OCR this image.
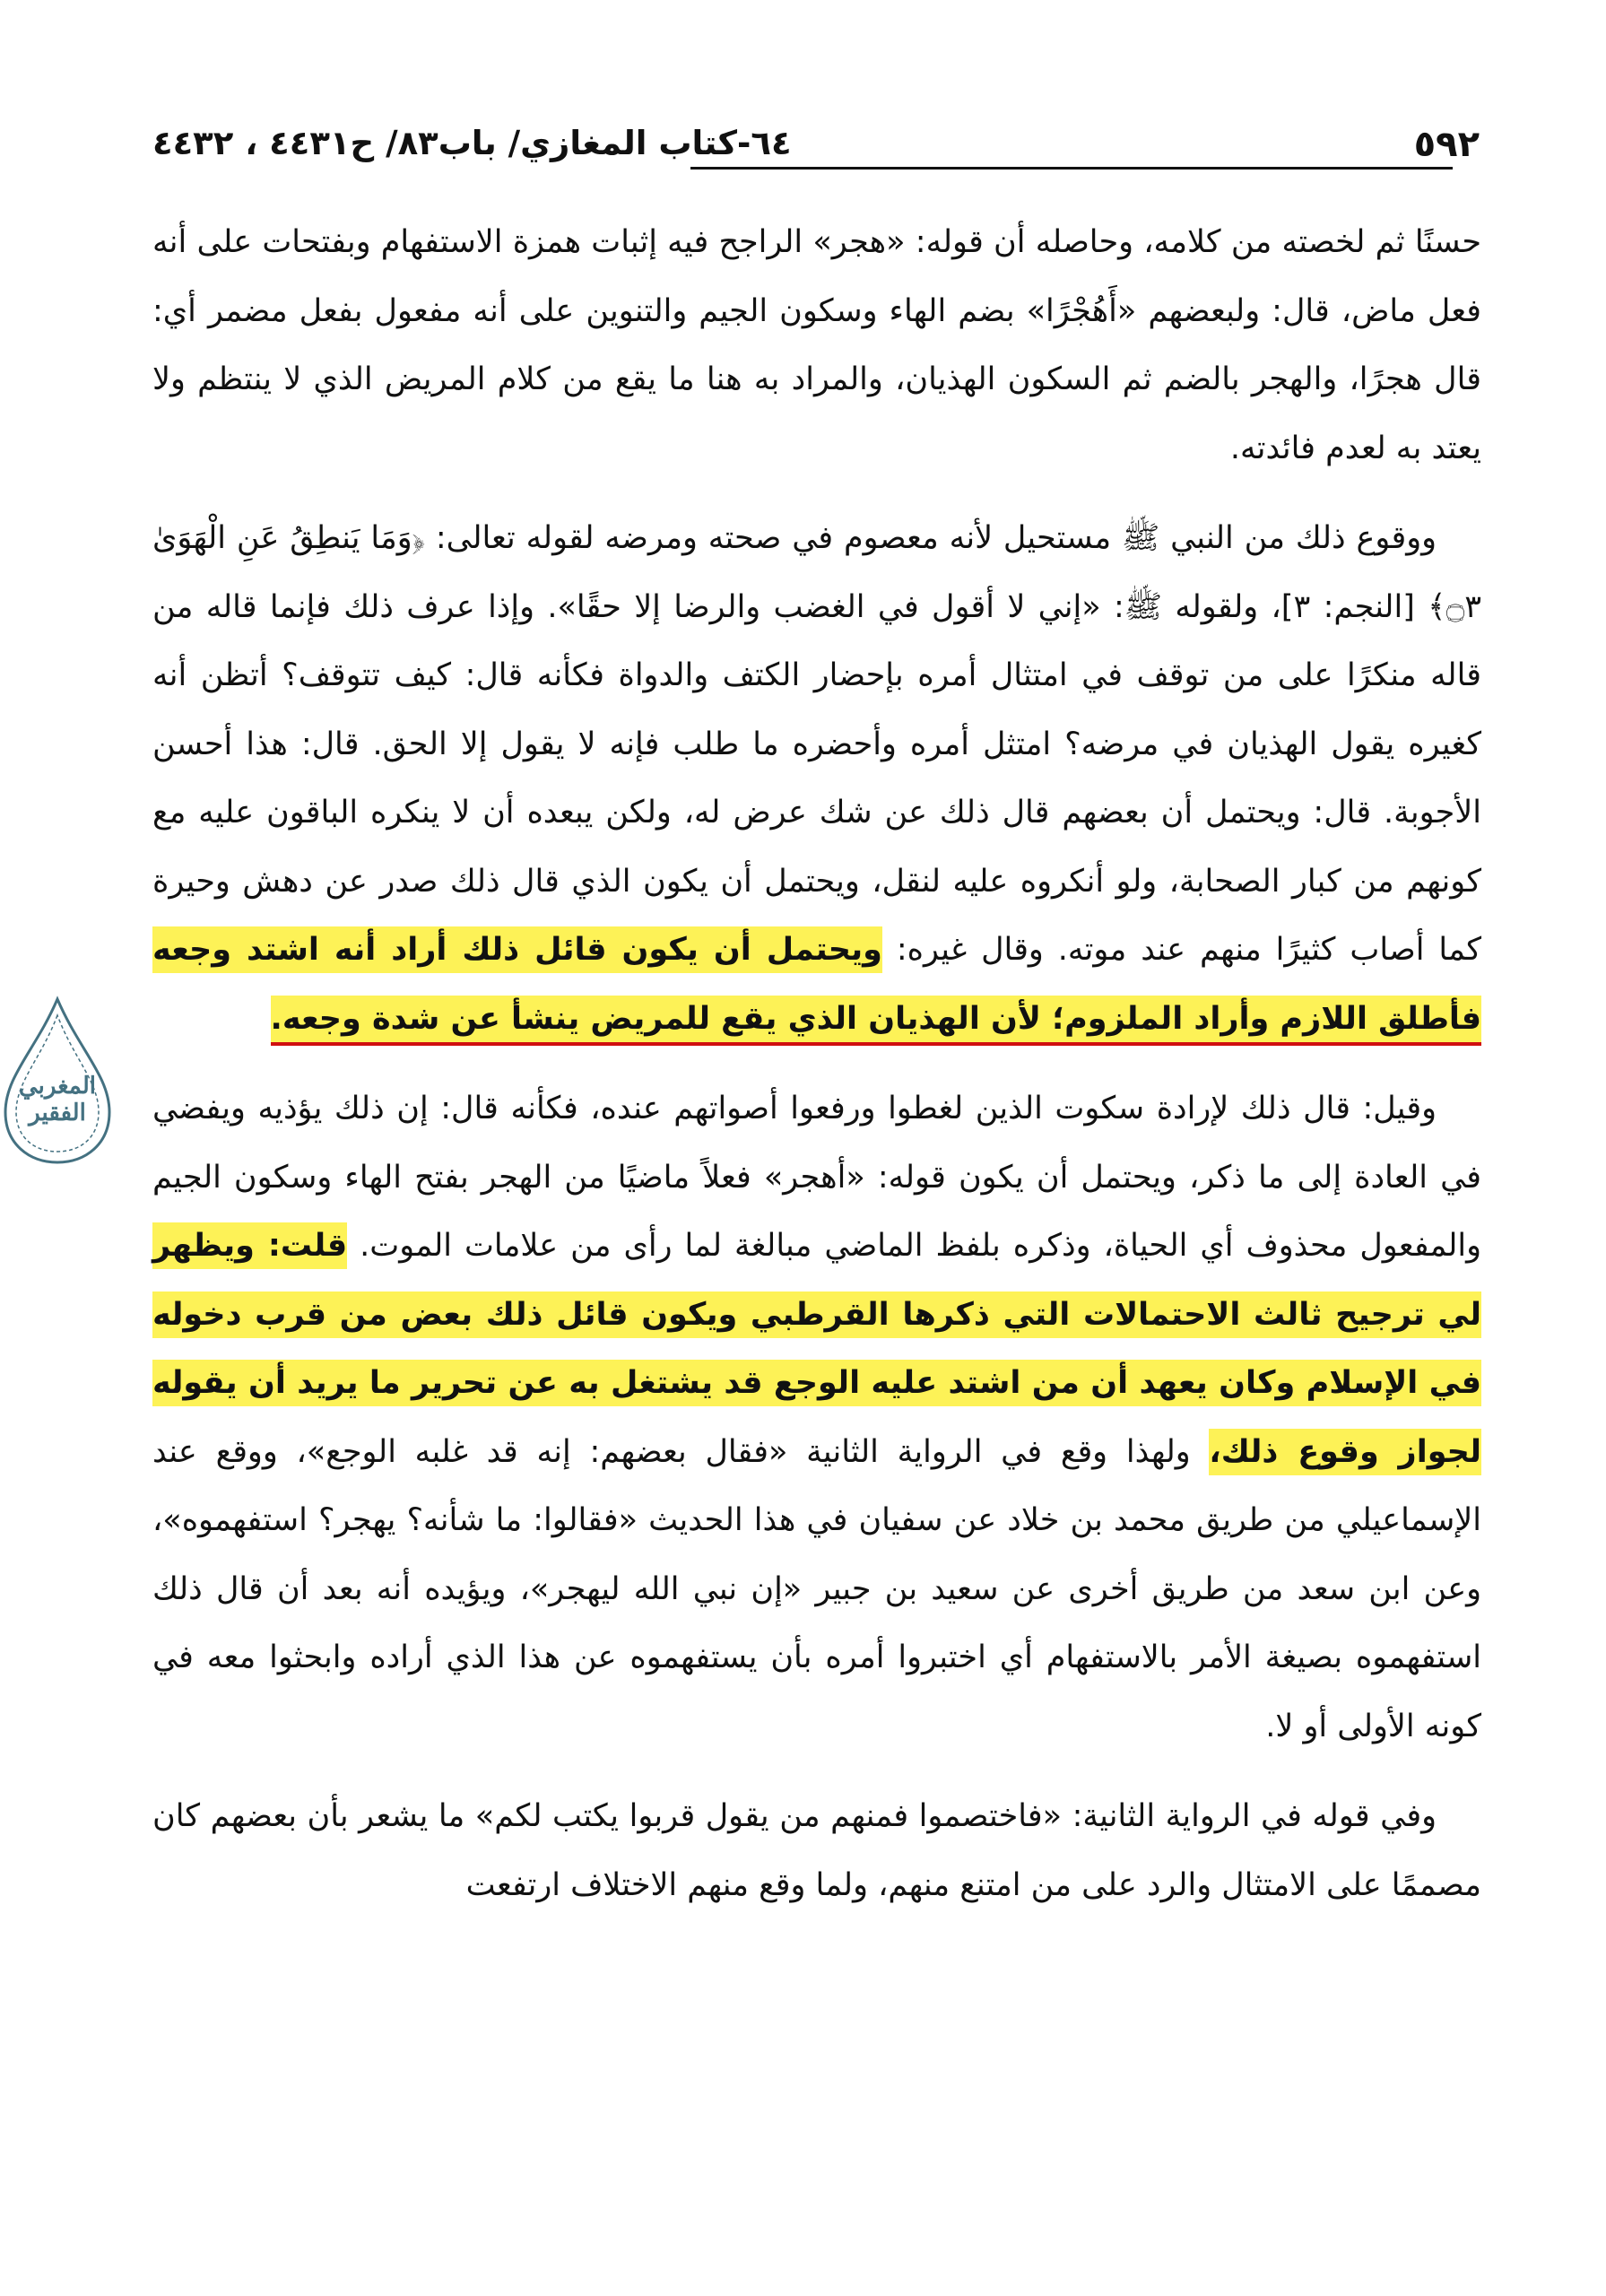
٥٩٢
٦٤-كتاب المغازي/ باب٨٣/ ح٤٤٣١ ، ٤٤٣٢
المغربي الفقير

حسنًا ثم لخصته من كلامه، وحاصله أن قوله: «هجر» الراجح فيه إثبات همزة الاستفهام وبفتحات على أنه فعل ماض، قال: ولبعضهم «أَهُجْرًا» بضم الهاء وسكون الجيم والتنوين على أنه مفعول بفعل مضمر أي: قال هجرًا، والهجر بالضم ثم السكون الهذيان، والمراد به هنا ما يقع من كلام المريض الذي لا ينتظم ولا يعتد به لعدم فائدته.

ووقوع ذلك من النبي ﷺ مستحيل لأنه معصوم في صحته ومرضه لقوله تعالى: ﴿وَمَا يَنطِقُ عَنِ الْهَوَىٰ ۝٣﴾ [النجم: ٣]، ولقوله ﷺ: «إني لا أقول في الغضب والرضا إلا حقًا». وإذا عرف ذلك فإنما قاله من قاله منكرًا على من توقف في امتثال أمره بإحضار الكتف والدواة فكأنه قال: كيف تتوقف؟ أتظن أنه كغيره يقول الهذيان في مرضه؟ امتثل أمره وأحضره ما طلب فإنه لا يقول إلا الحق. قال: هذا أحسن الأجوبة. قال: ويحتمل أن بعضهم قال ذلك عن شك عرض له، ولكن يبعده أن لا ينكره الباقون عليه مع كونهم من كبار الصحابة، ولو أنكروه عليه لنقل، ويحتمل أن يكون الذي قال ذلك صدر عن دهش وحيرة كما أصاب كثيرًا منهم عند موته. وقال غيره: ويحتمل أن يكون قائل ذلك أراد أنه اشتد وجعه فأطلق اللازم وأراد الملزوم؛ لأن الهذيان الذي يقع للمريض ينشأ عن شدة وجعه.

وقيل: قال ذلك لإرادة سكوت الذين لغطوا ورفعوا أصواتهم عنده، فكأنه قال: إن ذلك يؤذيه ويفضي في العادة إلى ما ذكر، ويحتمل أن يكون قوله: «أهجر» فعلاً ماضيًا من الهجر بفتح الهاء وسكون الجيم والمفعول محذوف أي الحياة، وذكره بلفظ الماضي مبالغة لما رأى من علامات الموت. قلت: ويظهر لي ترجيح ثالث الاحتمالات التي ذكرها القرطبي ويكون قائل ذلك بعض من قرب دخوله في الإسلام وكان يعهد أن من اشتد عليه الوجع قد يشتغل به عن تحرير ما يريد أن يقوله لجواز وقوع ذلك، ولهذا وقع في الرواية الثانية «فقال بعضهم: إنه قد غلبه الوجع»، ووقع عند الإسماعيلي من طريق محمد بن خلاد عن سفيان في هذا الحديث «فقالوا: ما شأنه؟ يهجر؟ استفهموه»، وعن ابن سعد من طريق أخرى عن سعيد بن جبير «إن نبي الله ليهجر»، ويؤيده أنه بعد أن قال ذلك استفهموه بصيغة الأمر بالاستفهام أي اختبروا أمره بأن يستفهموه عن هذا الذي أراده وابحثوا معه في كونه الأولى أو لا.

وفي قوله في الرواية الثانية: «فاختصموا فمنهم من يقول قربوا يكتب لكم» ما يشعر بأن بعضهم كان مصممًا على الامتثال والرد على من امتنع منهم، ولما وقع منهم الاختلاف ارتفعت
